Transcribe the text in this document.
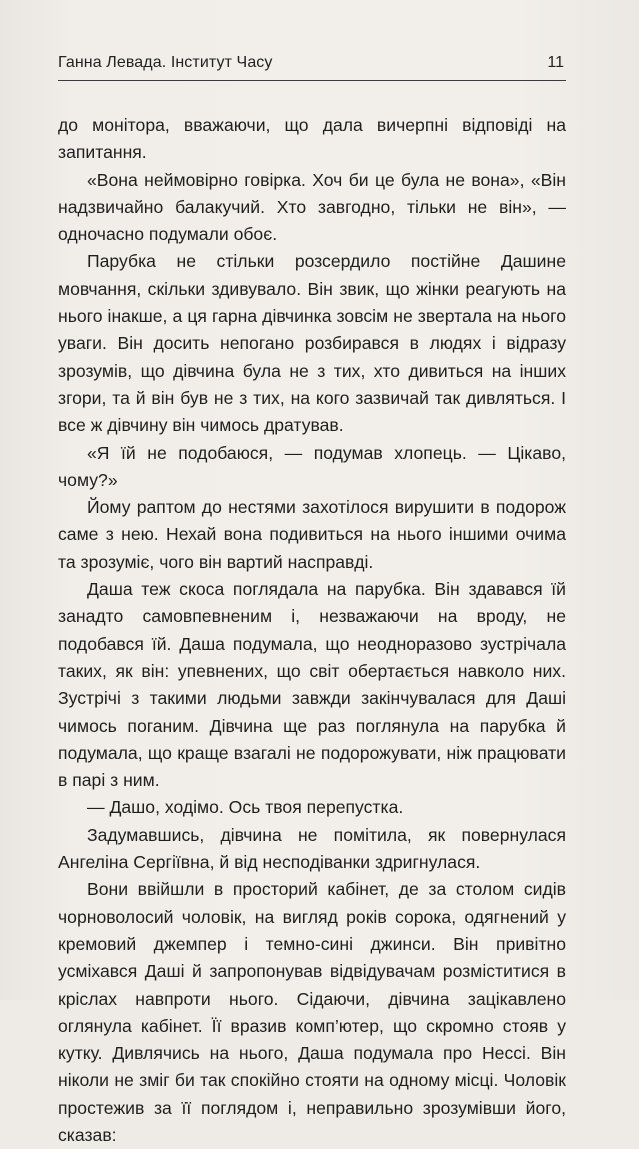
Ганна Левада. Інститут Часу	11

до монітора, вважаючи, що дала вичерпні відповіді на запитання.

«Вона неймовірно говірка. Хоч би це була не вона», «Він надзвичайно балакучий. Хто завгодно, тільки не він», — одночасно подумали обоє.

Парубка не стільки розсердило постійне Дашине мовчання, скільки здивувало. Він звик, що жінки реагують на нього інакше, а ця гарна дівчинка зовсім не звертала на нього уваги. Він досить непогано розбирався в людях і відразу зрозумів, що дівчина була не з тих, хто дивиться на інших згори, та й він був не з тих, на кого зазвичай так дивляться. І все ж дівчину він чимось дратував.

«Я їй не подобаюся, — подумав хлопець. — Цікаво, чому?»

Йому раптом до нестями захотілося вирушити в подорож саме з нею. Нехай вона подивиться на нього іншими очима та зрозуміє, чого він вартий насправді.

Даша теж скоса поглядала на парубка. Він здавався їй занадто самовпевненим і, незважаючи на вроду, не подобався їй. Даша подумала, що неодноразово зустрічала таких, як він: упевнених, що світ обертається навколо них. Зустрічі з такими людьми завжди закінчувалася для Даші чимось поганим. Дівчина ще раз поглянула на парубка й подумала, що краще взагалі не подорожувати, ніж працювати в парі з ним.

— Дашо, ходімо. Ось твоя перепустка.

Задумавшись, дівчина не помітила, як повернулася Ангеліна Сергіївна, й від несподіванки здригнулася.

Вони ввійшли в просторий кабінет, де за столом сидів чорноволосий чоловік, на вигляд років сорока, одягнений у кремовий джемпер і темно-сині джинси. Він привітно усміхався Даші й запропонував відвідувачам розміститися в кріслах навпроти нього. Сідаючи, дівчина зацікавлено оглянула кабінет. Її вразив комп’ютер, що скромно стояв у кутку. Дивлячись на нього, Даша подумала про Нессі. Він ніколи не зміг би так спокійно стояти на одному місці. Чоловік простежив за її поглядом і, неправильно зрозумівши його, сказав:
